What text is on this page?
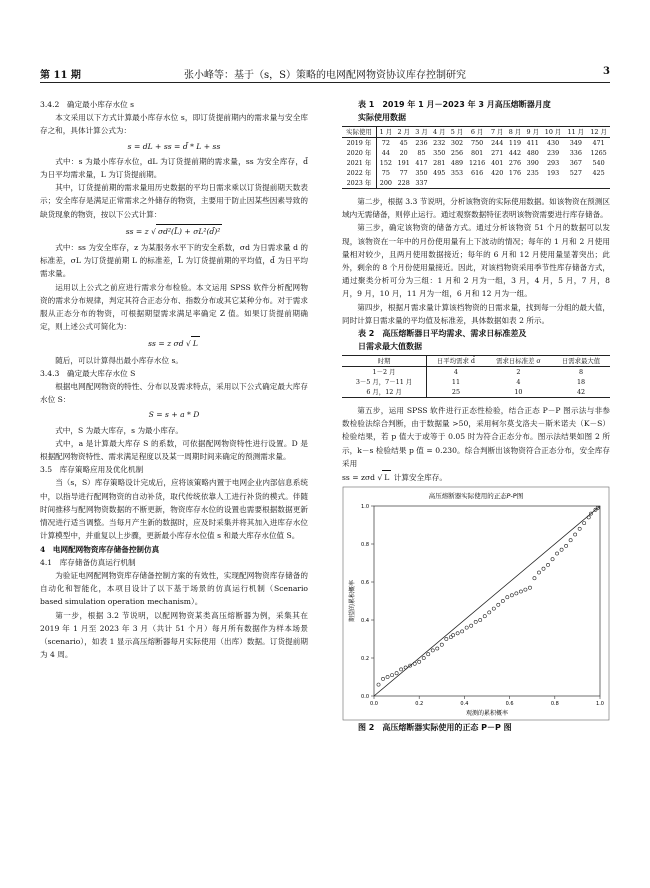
第 11 期	张小峰等：基于（s，S）策略的电网配网物资协议库存控制研究	3

3.4.2　确定最小库存水位 s

本文采用以下方式计算最小库存水位 s，即订货提前期内的需求量与安全库存之和，具体计算公式为：

s = dL + ss = d̄ * L + ss

式中：s 为最小库存水位，dL 为订货提前期的需求量，ss 为安全库存，d̄ 为日平均需求量，L 为订货提前期。

其中，订货提前期的需求量用历史数据的平均日需求乘以订货提前期天数表示；安全库存是满足正常需求之外储存的物资，主要用于防止因某些因素导致的缺货现象的物资，按以下公式计算：

ss = z √ σd²(L̄) + σL²(d̄)²

式中：ss 为安全库存，z 为某服务水平下的安全系数，σd 为日需求量 d 的标准差，σL 为订货提前期 L 的标准差，L̄ 为订货提前期的平均值，d̄ 为日平均需求量。

运用以上公式之前应进行需求分布检验。本文运用 SPSS 软件分析配网物资的需求分布规律，判定其符合正态分布、指数分布或其它某种分布。对于需求服从正态分布的物资，可根据期望需求满足率确定 Z 值。如果订货提前期确定，则上述公式可简化为：

ss = z σd √ L

随后，可以计算得出最小库存水位 s。

3.4.3　确定最大库存水位 S

根据电网配网物资的特性、分布以及需求特点，采用以下公式确定最大库存水位 S：

S = s + a * D

式中，S 为最大库存，s 为最小库存。

式中，a 是计算最大库存 S 的系数，可依据配网物资特性进行设置。D 是根据配网物资特性、需求满足程度以及某一周期时间来确定的预测需求量。

3.5　库存策略应用及优化机制

当（s，S）库存策略设计完成后，应将该策略内置于电网企业内部信息系统中，以指导进行配网物资的自动补货，取代传统依靠人工进行补货的模式。伴随时间推移与配网物资数据的不断更新，物资库存水位的设置也需要根据数据更新情况进行适当调整。当每月产生新的数据时，应及时采集并将其加入进库存水位计算模型中，并重复以上步骤，更新最小库存水位值 s 和最大库存水位值 S。

4　电网配网物资库存储备控制仿真

4.1　库存储备仿真运行机制

为验证电网配网物资库存储备控制方案的有效性，实现配网物资库存储备的自动化和智能化，本项目设计了以下基于场景的仿真运行机制（Scenario based simulation operation mechanism）。

第一步，根据 3.2 节说明，以配网物资某类高压熔断器为例，采集其在 2019 年 1 月至 2023 年 3 月（共计 51 个月）每月所有数据作为样本场景（scenario），如表 1 显示高压熔断器每月实际使用（出库）数据。订货提前期为 4 周。

表 1　2019 年 1 月－2023 年 3 月高压熔断器月度

实际使用数据

实际使用	1 月	2 月	3 月	4 月	5 月	6 月	7 月	8 月	9 月	10 月	11 月	12 月
2019 年	72	45	236	232	302	750	244	119	411	430	349	471
2020 年	44	20	85	350	256	801	271	442	480	239	336	1265
2021 年	152	191	417	281	489	1216	401	276	390	293	367	540
2022 年	75	77	350	495	353	616	420	176	235	193	527	425
2023 年	200	228	337									

第二步，根据 3.3 节说明，分析该物资的实际使用数据。如该物资在预测区域内无需储备，则停止运行。通过观察数据特征表明该物资需要进行库存储备。

第三步，确定该物资的储备方式。通过分析该物资 51 个月的数据可以发现，该物资在一年中的月份使用量有上下波动的情况；每年的 1 月和 2 月使用量相对较少，且两月使用数据接近；每年的 6 月和 12 月使用量显著突出；此外，剩余的 8 个月份使用量接近。因此，对该档物资采用季节性库存储备方式，通过聚类分析可分为三组：1 月和 2 月为一组，3 月，4 月，5 月，7 月，8 月，9 月，10 月，11 月为一组，6 月和 12 月为一组。

第四步，根据月需求量计算该档物资的日需求量，找到每一分组的最大值，同时计算日需求量的平均值及标准差，具体数据如表 2 所示。

表 2　高压熔断器日平均需求、需求日标准差及

日需求最大值数据

时期	日平均需求 d̄	需求日标准差 σ	日需求最大值
1－2 月	4	2	8
3－5 月，7－11 月	11	4	18
6 月，12 月	25	10	42

第五步，运用 SPSS 软件进行正态性检验，结合正态 P－P 图示法与非参数检验法综合判断，由于数据量 >50，采用柯尔莫戈洛夫－斯米诺夫（K－S）检验结果，若 p 值大于或等于 0.05 时为符合正态分布。图示法结果如图 2 所示，k－s 检验结果 p 值 = 0.230。综合判断出该物资符合正态分布，安全库存采用

ss = zσd √ L 计算安全库存。

高压熔断器实际使用的正态P-P图
0.0	0.2	0.4	0.6	0.8	1.0
0.0
0.2
0.4
0.6
0.8
1.0
观测的累积概率
期望的累积概率

图 2　高压熔断器实际使用的正态 P－P 图
